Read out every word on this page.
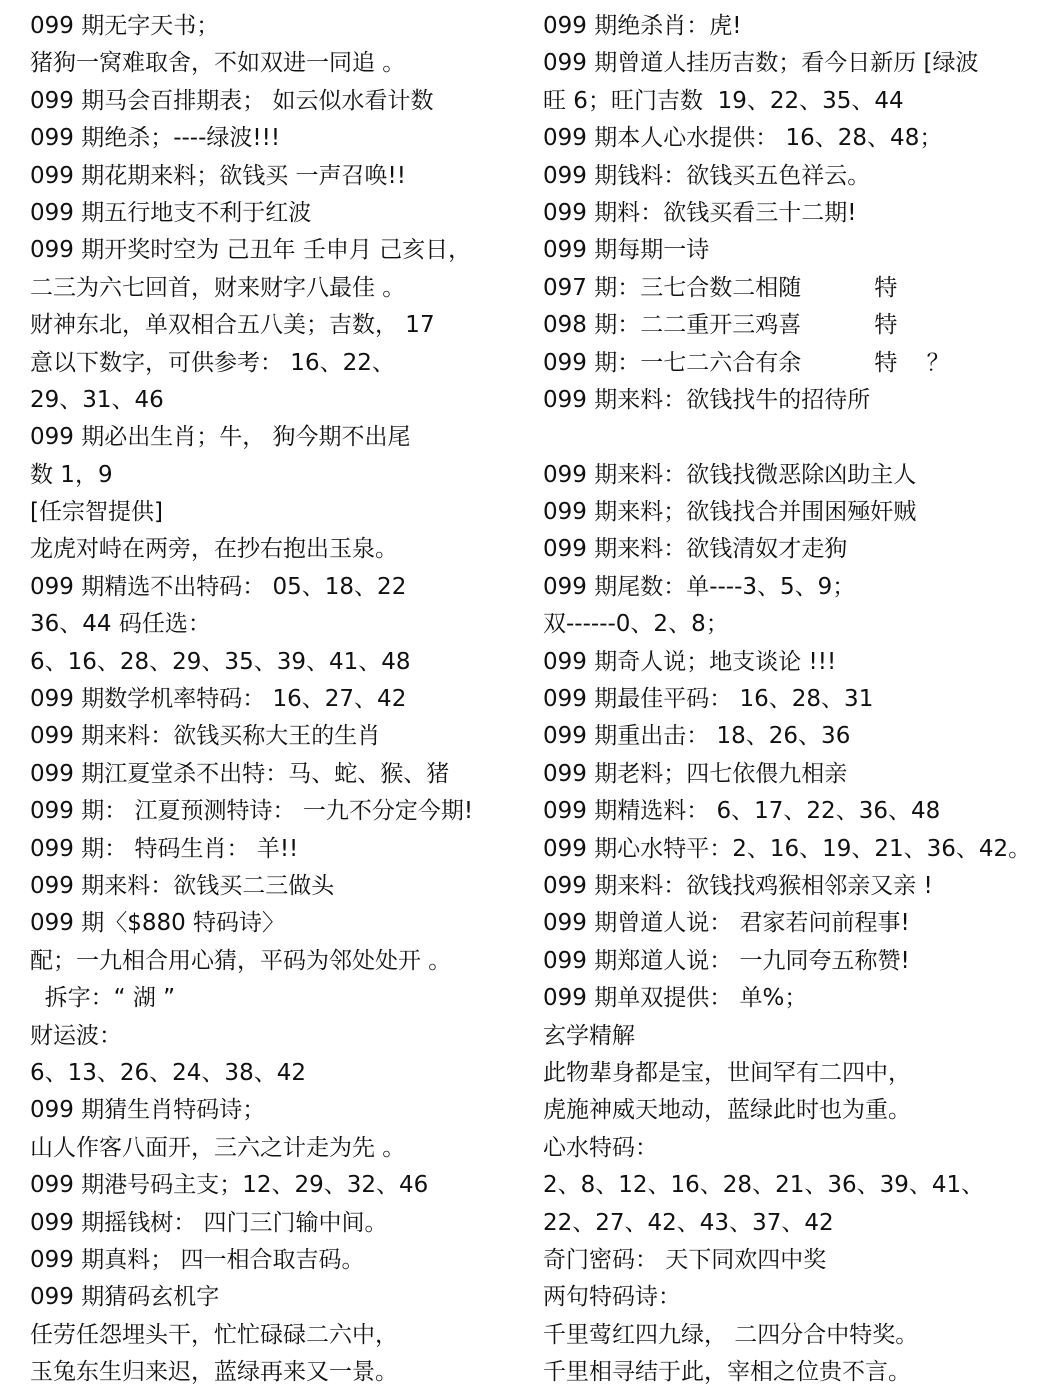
099 期无字天书；
猪狗一窝难取舍，不如双进一同追 。
099 期马会百排期表； 如云似水看计数
099 期绝杀；----绿波!!!
099 期花期来料；欲钱买 一声召唤!!
099 期五行地支不利于红波
099 期开奖时空为 己丑年 壬申月 己亥日，
二三为六七回首，财来财字八最佳 。
财神东北，单双相合五八美；吉数， 17
意以下数字，可供参考： 16、22、
29、31、46
099 期必出生肖；牛， 狗今期不出尾
数 1，9
[任宗智提供]
龙虎对峙在两旁，在抄右抱出玉泉。
099 期精选不出特码： 05、18、22
36、44 码任选：
6、16、28、29、35、39、41、48
099 期数学机率特码： 16、27、42
099 期来料：欲钱买称大王的生肖
099 期江夏堂杀不出特：马、蛇、猴、猪
099 期： 江夏预测特诗： 一九不分定今期!
099 期： 特码生肖： 羊!!
099 期来料：欲钱买二三做头
099 期〈$880 特码诗〉
配；一九相合用心猜，平码为邻处处开 。
拆字：“ 湖 ”
财运波：
6、13、26、24、38、42
099 期猜生肖特码诗；
山人作客八面开，三六之计走为先 。
099 期港号码主支；12、29、32、46
099 期摇钱树： 四门三门输中间。
099 期真料； 四一相合取吉码。
099 期猜码玄机字
任劳任怨埋头干，忙忙碌碌二六中，
玉兔东生归来迟，蓝绿再来又一景。
099 期绝杀肖：虎!
099 期曾道人挂历吉数；看今日新历 [绿波
旺 6；旺门吉数  19、22、35、44
099 期本人心水提供： 16、28、48；
099 期钱料：欲钱买五色祥云。
099 期料：欲钱买看三十二期!
099 期每期一诗
097 期：三七合数二相随          特
098 期：二二重开三鸡喜          特
099 期：一七二六合有余          特    ？
099 期来料：欲钱找牛的招待所
099 期来料：欲钱找微恶除凶助主人
099 期来料；欲钱找合并围困殛奸贼
099 期来料：欲钱清奴才走狗
099 期尾数：单----3、5、9；
双------0、2、8；
099 期奇人说；地支谈论 !!!
099 期最佳平码： 16、28、31
099 期重出击： 18、26、36
099 期老料；四七依偎九相亲
099 期精选料： 6、17、22、36、48
099 期心水特平：2、16、19、21、36、42。
099 期来料：欲钱找鸡猴相邻亲又亲 !
099 期曾道人说： 君家若问前程事!
099 期郑道人说： 一九同夸五称赞!
099 期单双提供： 单%；
玄学精解
此物辈身都是宝，世间罕有二四中，
虎施神威天地动，蓝绿此时也为重。
心水特码：
2、8、12、16、28、21、36、39、41、
22、27、42、43、37、42
奇门密码： 天下同欢四中奖
两句特码诗：
千里莺红四九绿， 二四分合中特奖。
千里相寻结于此，宰相之位贵不言。
